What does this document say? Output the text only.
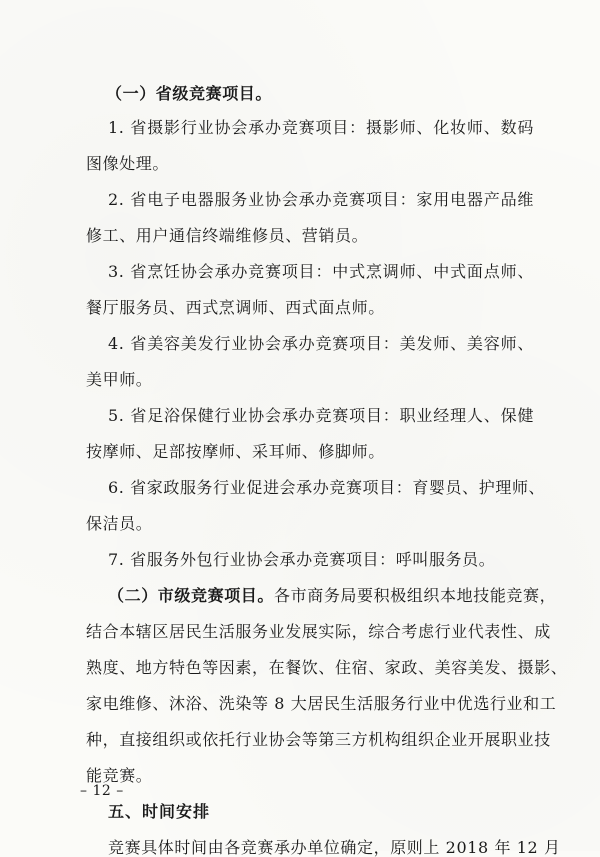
（一）省级竞赛项目。
1. 省摄影行业协会承办竞赛项目：摄影师、化妆师、数码
图像处理。
2. 省电子电器服务业协会承办竞赛项目：家用电器产品维
修工、用户通信终端维修员、营销员。
3. 省烹饪协会承办竞赛项目：中式烹调师、中式面点师、
餐厅服务员、西式烹调师、西式面点师。
4. 省美容美发行业协会承办竞赛项目：美发师、美容师、
美甲师。
5. 省足浴保健行业协会承办竞赛项目：职业经理人、保健
按摩师、足部按摩师、采耳师、修脚师。
6. 省家政服务行业促进会承办竞赛项目：育婴员、护理师、
保洁员。
7. 省服务外包行业协会承办竞赛项目：呼叫服务员。
（二）市级竞赛项目。各市商务局要积极组织本地技能竞赛，
结合本辖区居民生活服务业发展实际，综合考虑行业代表性、成
熟度、地方特色等因素，在餐饮、住宿、家政、美容美发、摄影、
家电维修、沐浴、洗染等 8 大居民生活服务行业中优选行业和工
种，直接组织或依托行业协会等第三方机构组织企业开展职业技
能竞赛。
五、时间安排
竞赛具体时间由各竞赛承办单位确定，原则上 2018 年 12 月
– 12 –
